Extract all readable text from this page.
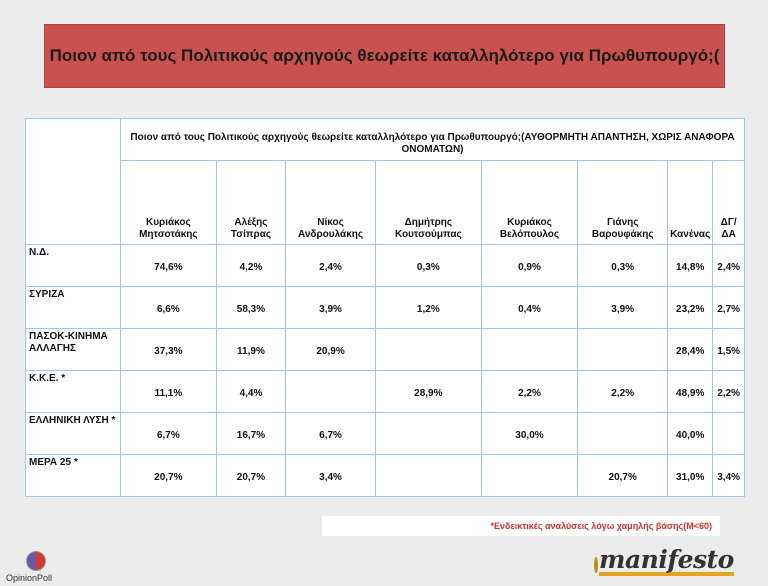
Ποιον από τους Πολιτικούς αρχηγούς θεωρείτε καταλληλότερο για Πρωθυπουργό;(
	Ποιον από τους Πολιτικούς αρχηγούς θεωρείτε καταλληλότερο για Πρωθυπουργό;(ΑΥΘΟΡΜΗΤΗ ΑΠΑΝΤΗΣΗ, ΧΩΡΙΣ ΑΝΑΦΟΡΑ ΟΝΟΜΑΤΩΝ)							
	Κυριάκος Μητσοτάκης	Αλέξης Τσίπρας	Νίκος Ανδρουλάκης	Δημήτρης Κουτσούμπας	Κυριάκος Βελόπουλος	Γιάνης Βαρουφάκης	Κανένας	ΔΓ/ΔΑ
Ν.Δ.	74,6%	4,2%	2,4%	0,3%	0,9%	0,3%	14,8%	2,4%
ΣΥΡΙΖΑ	6,6%	58,3%	3,9%	1,2%	0,4%	3,9%	23,2%	2,7%
ΠΑΣΟΚ-ΚΙΝΗΜΑ ΑΛΛΑΓΗΣ	37,3%	11,9%	20,9%				28,4%	1,5%
Κ.Κ.Ε. *	11,1%	4,4%		28,9%	2,2%	2,2%	48,9%	2,2%
ΕΛΛΗΝΙΚΗ ΛΥΣΗ *	6,7%	16,7%	6,7%		30,0%		40,0%	
ΜΕΡΑ 25 *	20,7%	20,7%	3,4%			20,7%	31,0%	3,4%
*Ενδεικτικές αναλύσεις λόγω χαμηλής βάσης(Μ<60)
OpinionPoll
manifesto
